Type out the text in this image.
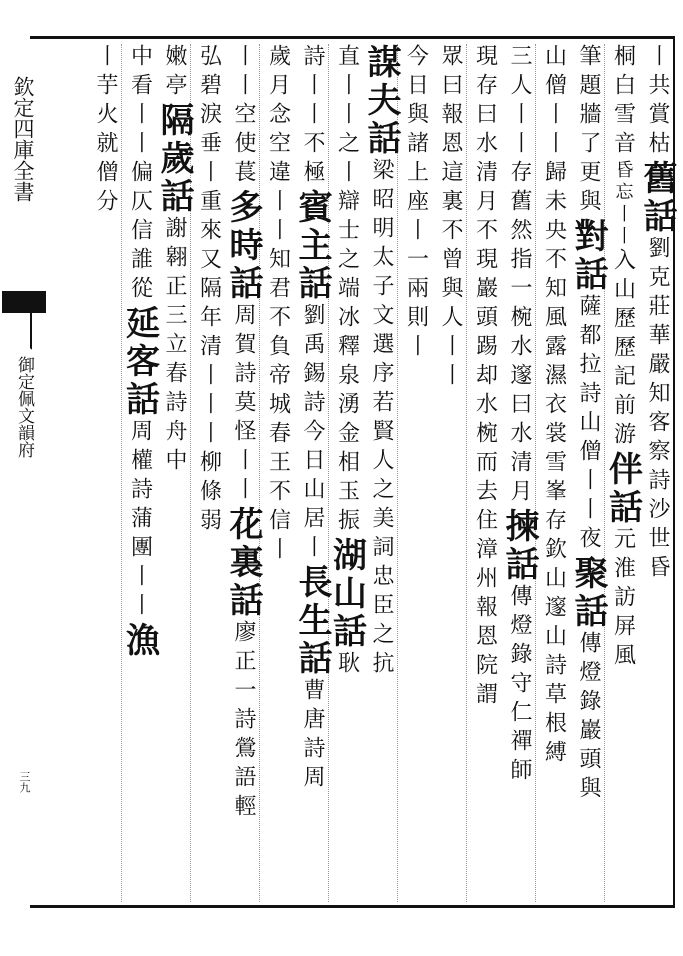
欽定四庫全書
御定佩文韻府
三九
丨共賞枯舊話劉克莊華嚴知客察詩沙世昏
桐白雪音昏忘丨丨入山歷歷記前游伴話元淮訪屏風
筆題牆了更與對話薩都拉詩山僧丨丨夜聚話傳燈錄巖頭與
山僧丨丨歸未央不知風露濕衣裳雪峯存欽山邃山詩草根縛
三人丨丨存舊然指一椀水邃曰水清月揀話傳燈錄守仁禪師
現存曰水清月不現巖頭踢却水椀而去住漳州報恩院謂
眾曰報恩這裏不曾與人丨丨
今日與諸上座丨一兩則丨
謀夫話梁昭明太子文選序若賢人之美詞忠臣之抗
直丨丨之丨辯士之端冰釋泉湧金相玉振湖山話耿
詩丨丨不極賓主話劉禹錫詩今日山居丨長生話曹唐詩周
歲月念空違丨丨知君不負帝城春王不信丨
丨丨空使萇多時話周賀詩莫怪丨丨花裏話廖正一詩鶯語輕
弘碧淚垂丨重來又隔年清丨丨丨柳條弱
嫩亭隔歲話謝翱正三立春詩舟中
中看丨丨偏仄信誰從延客話周權詩蒲團丨丨漁
丨芋火就僧分
